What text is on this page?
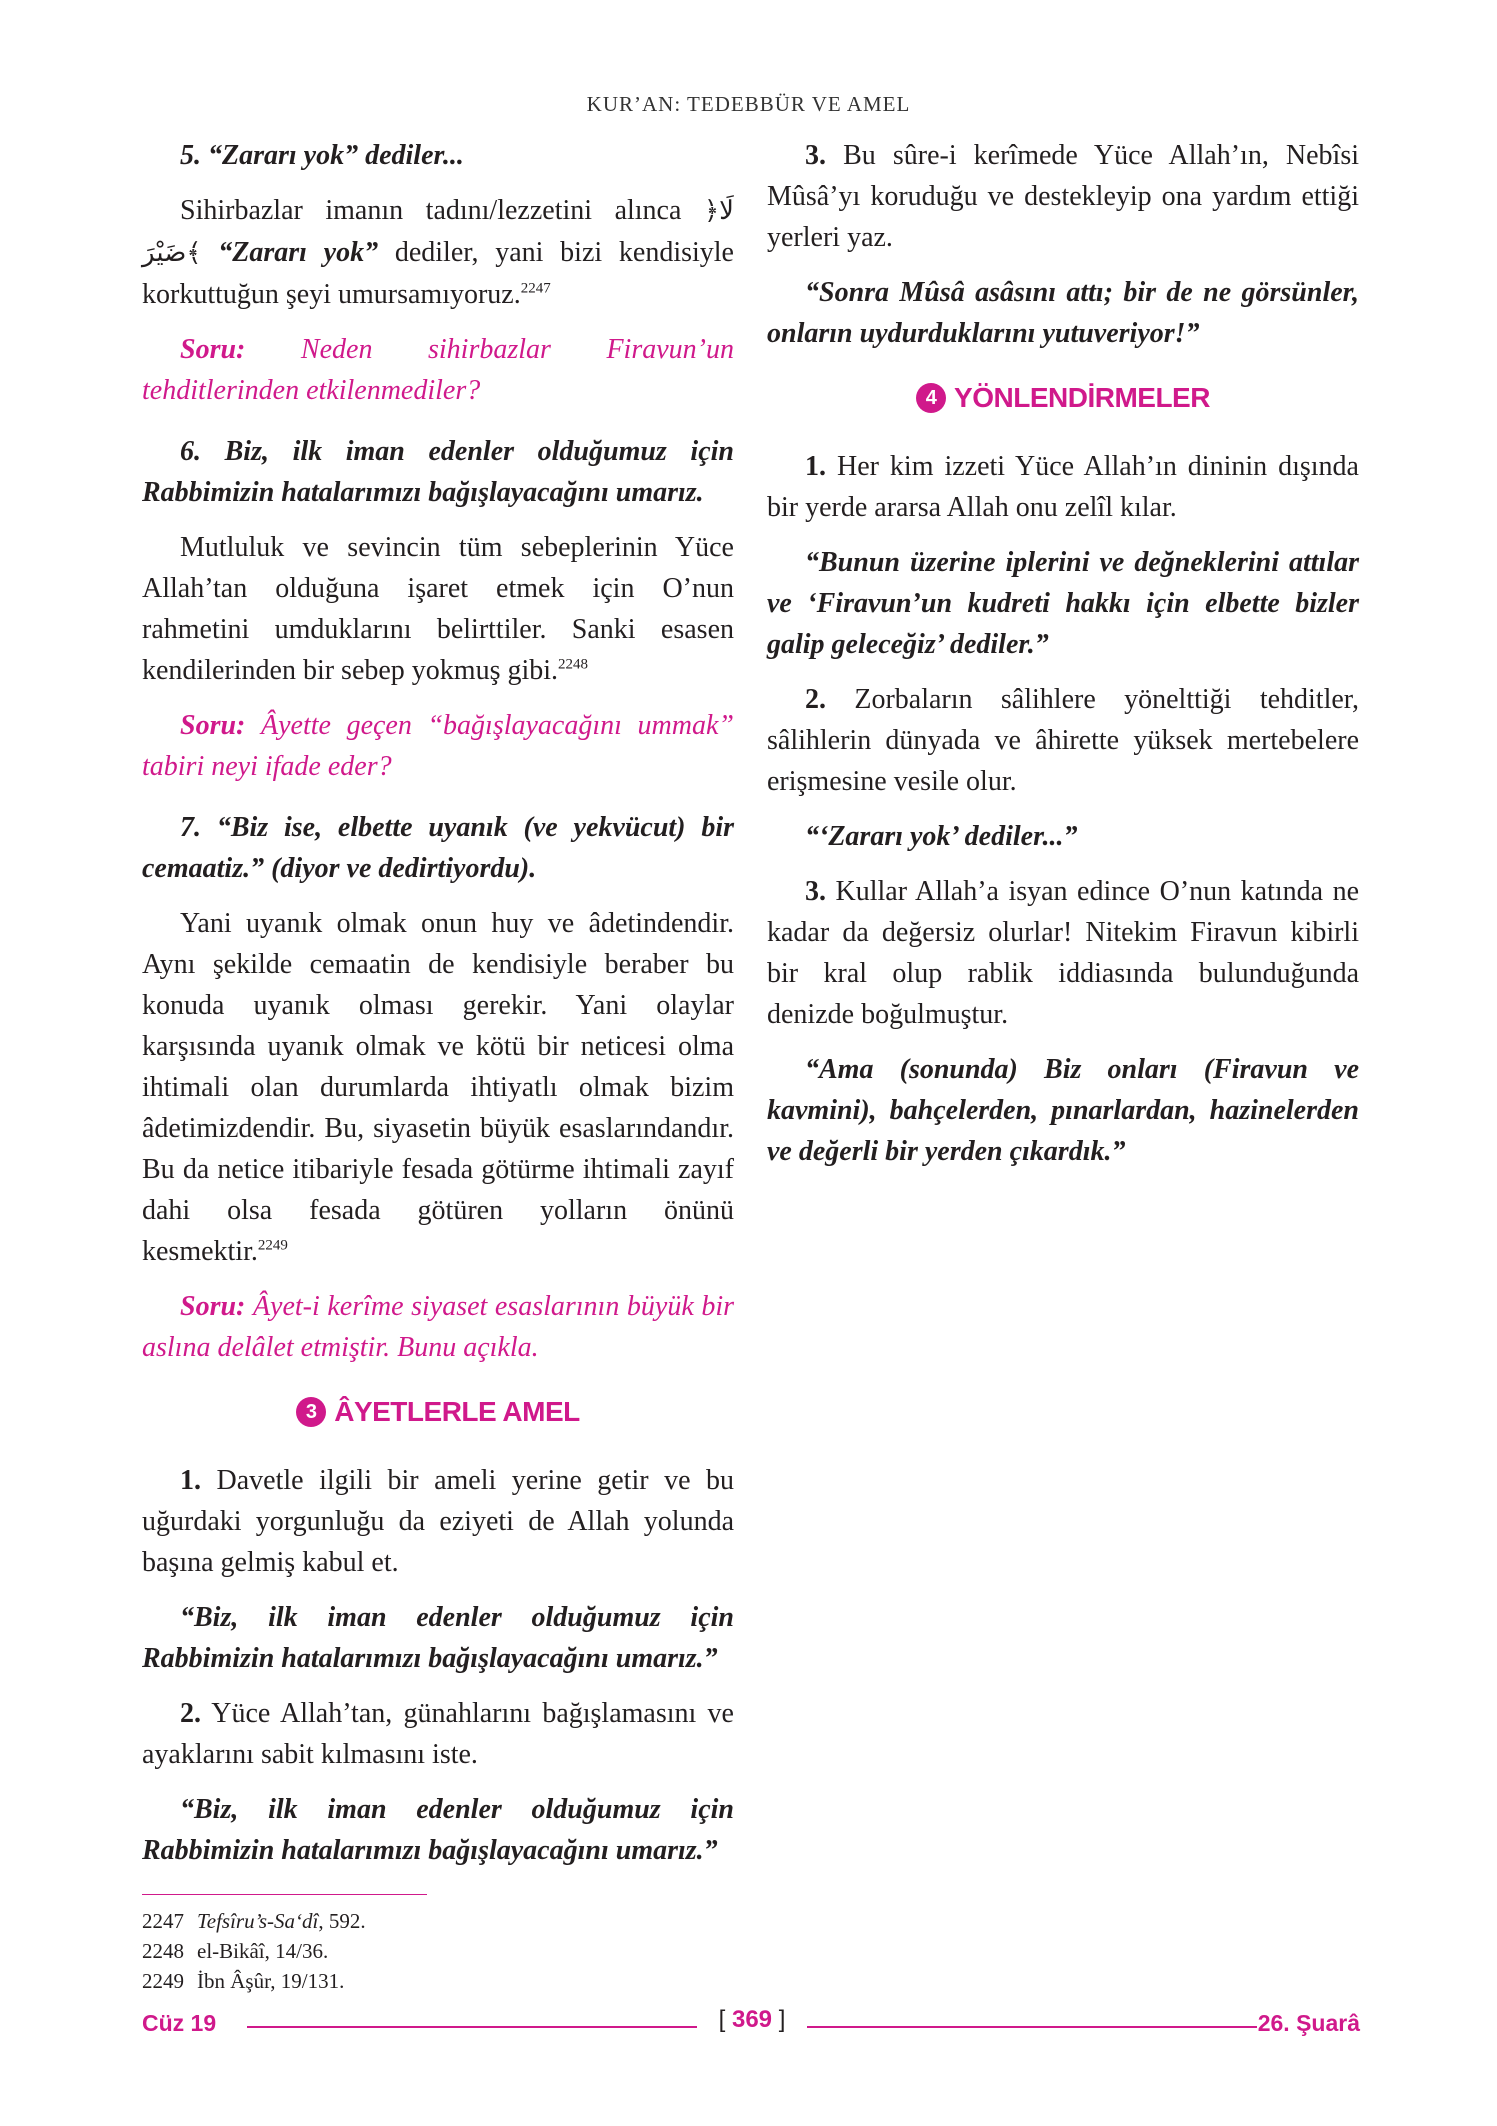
KUR’AN: TEDEBBÜR VE AMEL

5. “Zararı yok” dediler...

Sihirbazlar imanın tadını/lezzetini alınca ﴿لَا ضَيْرَ﴾ “Zararı yok” dediler, yani bizi kendisiyle korkuttuğun şeyi umursamıyoruz.$^{2247}$

Soru: Neden sihirbazlar Firavun’un tehditlerinden etkilenmediler?

6. Biz, ilk iman edenler olduğumuz için Rabbimizin hatalarımızı bağışlayacağını umarız.

Mutluluk ve sevincin tüm sebeplerinin Yüce Allah’tan olduğuna işaret etmek için O’nun rahmetini umduklarını belirttiler. Sanki esasen kendilerinden bir sebep yokmuş gibi.$^{2248}$

Soru: Âyette geçen “bağışlayacağını ummak” tabiri neyi ifade eder?

7. “Biz ise, elbette uyanık (ve yekvücut) bir cemaatiz.” (diyor ve dedirtiyordu).

Yani uyanık olmak onun huy ve âdetindendir. Aynı şekilde cemaatin de kendisiyle beraber bu konuda uyanık olması gerekir. Yani olaylar karşısında uyanık olmak ve kötü bir neticesi olma ihtimali olan durumlarda ihtiyatlı olmak bizim âdetimizdendir. Bu, siyasetin büyük esaslarındandır. Bu da netice itibariyle fesada götürme ihtimali zayıf dahi olsa fesada götüren yolların önünü kesmektir.$^{2249}$

Soru: Âyet-i kerîme siyaset esaslarının büyük bir aslına delâlet etmiştir. Bunu açıkla.

3 ÂYETLERLE AMEL

1. Davetle ilgili bir ameli yerine getir ve bu uğurdaki yorgunluğu da eziyeti de Allah yolunda başına gelmiş kabul et.

“Biz, ilk iman edenler olduğumuz için Rabbimizin hatalarımızı bağışlayacağını umarız.”

2. Yüce Allah’tan, günahlarını bağışlamasını ve ayaklarını sabit kılmasını iste.

“Biz, ilk iman edenler olduğumuz için Rabbimizin hatalarımızı bağışlayacağını umarız.”

3. Bu sûre-i kerîmede Yüce Allah’ın, Nebîsi Mûsâ’yı koruduğu ve destekleyip ona yardım ettiği yerleri yaz.

“Sonra Mûsâ asâsını attı; bir de ne görsünler, onların uydurduklarını yutuveriyor!”

4 YÖNLENDİRMELER

1. Her kim izzeti Yüce Allah’ın dininin dışında bir yerde ararsa Allah onu zelîl kılar.

“Bunun üzerine iplerini ve değneklerini attılar ve ‘Firavun’un kudreti hakkı için elbette bizler galip geleceğiz’ dediler.”

2. Zorbaların sâlihlere yönelttiği tehditler, sâlihlerin dünyada ve âhirette yüksek mertebelere erişmesine vesile olur.

“‘Zararı yok’ dediler...”

3. Kullar Allah’a isyan edince O’nun katında ne kadar da değersiz olurlar! Nitekim Firavun kibirli bir kral olup rablik iddiasında bulunduğunda denizde boğulmuştur.

“Ama (sonunda) Biz onları (Firavun ve kavmini), bahçelerden, pınarlardan, hazinelerden ve değerli bir yerden çıkardık.”

2247 Tefsîru’s-Sa‘dî, 592.
2248 el-Bikâî, 14/36.
2249 İbn Âşûr, 19/131.
Cüz 19	[ 369 ]	26. Şuarâ
